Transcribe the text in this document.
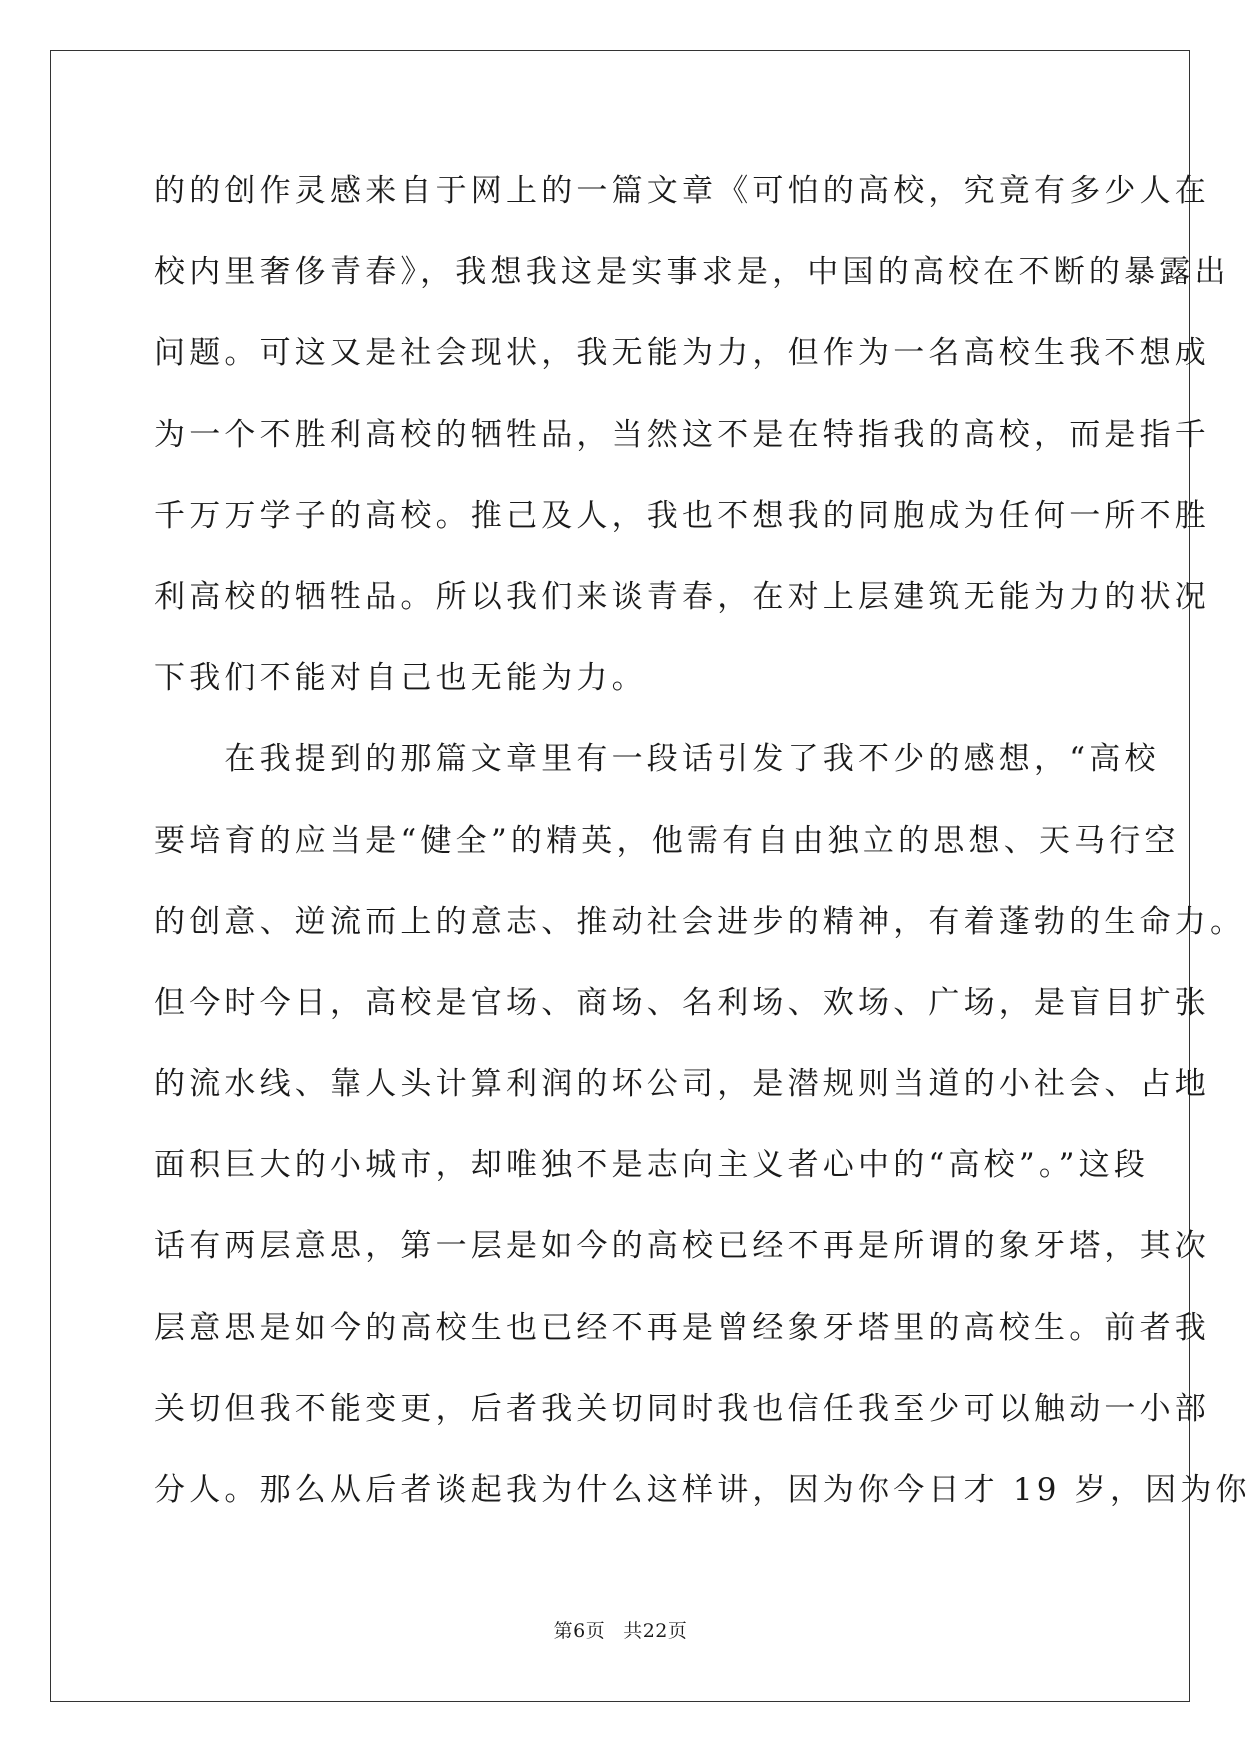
的的创作灵感来自于网上的一篇文章《可怕的高校，究竟有多少人在
校内里奢侈青春》，我想我这是实事求是，中国的高校在不断的暴露出
问题。可这又是社会现状，我无能为力，但作为一名高校生我不想成
为一个不胜利高校的牺牲品，当然这不是在特指我的高校，而是指千
千万万学子的高校。推己及人，我也不想我的同胞成为任何一所不胜
利高校的牺牲品。所以我们来谈青春，在对上层建筑无能为力的状况
下我们不能对自己也无能为力。
　　在我提到的那篇文章里有一段话引发了我不少的感想，“高校
要培育的应当是“健全”的精英，他需有自由独立的思想、天马行空
的创意、逆流而上的意志、推动社会进步的精神，有着蓬勃的生命力。
但今时今日，高校是官场、商场、名利场、欢场、广场，是盲目扩张
的流水线、靠人头计算利润的坏公司，是潜规则当道的小社会、占地
面积巨大的小城市，却唯独不是志向主义者心中的“高校”。”这段
话有两层意思，第一层是如今的高校已经不再是所谓的象牙塔，其次
层意思是如今的高校生也已经不再是曾经象牙塔里的高校生。前者我
关切但我不能变更，后者我关切同时我也信任我至少可以触动一小部
分人。那么从后者谈起我为什么这样讲，因为你今日才 19 岁，因为你
第6页 共22页
